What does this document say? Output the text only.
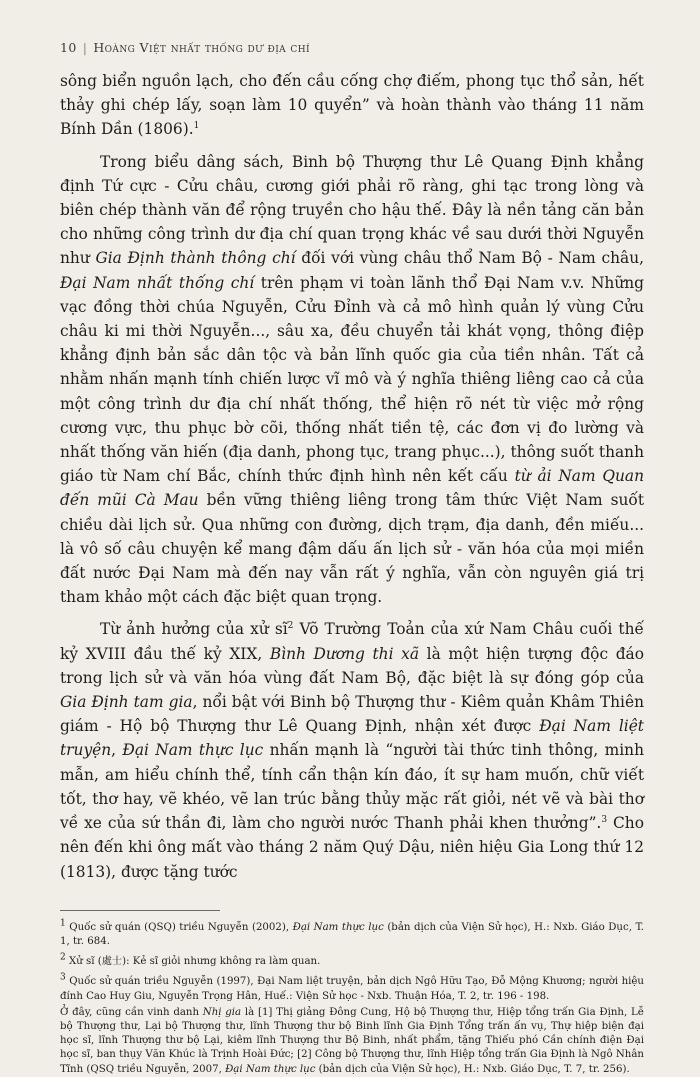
10 | Hoàng Việt nhất thống dư địa chí

sông biển nguồn lạch, cho đến cầu cống chợ điếm, phong tục thổ sản, hết thảy ghi chép lấy, soạn làm 10 quyển” và hoàn thành vào tháng 11 năm Bính Dần (1806).$^1$

Trong biểu dâng sách, Binh bộ Thượng thư Lê Quang Định khẳng định Tứ cực - Cửu châu, cương giới phải rõ ràng, ghi tạc trong lòng và biên chép thành văn để rộng truyền cho hậu thế. Đây là nền tảng căn bản cho những công trình dư địa chí quan trọng khác về sau dưới thời Nguyễn như Gia Định thành thông chí đối với vùng châu thổ Nam Bộ - Nam châu, Đại Nam nhất thống chí trên phạm vi toàn lãnh thổ Đại Nam v.v. Những vạc đồng thời chúa Nguyễn, Cửu Đỉnh và cả mô hình quản lý vùng Cửu châu ki mi thời Nguyễn..., sâu xa, đều chuyển tải khát vọng, thông điệp khẳng định bản sắc dân tộc và bản lĩnh quốc gia của tiền nhân. Tất cả nhằm nhấn mạnh tính chiến lược vĩ mô và ý nghĩa thiêng liêng cao cả của một công trình dư địa chí nhất thống, thể hiện rõ nét từ việc mở rộng cương vực, thu phục bờ cõi, thống nhất tiền tệ, các đơn vị đo lường và nhất thống văn hiến (địa danh, phong tục, trang phục...), thông suốt thanh giáo từ Nam chí Bắc, chính thức định hình nên kết cấu từ ải Nam Quan đến mũi Cà Mau bền vững thiêng liêng trong tâm thức Việt Nam suốt chiều dài lịch sử. Qua những con đường, dịch trạm, địa danh, đền miếu... là vô số câu chuyện kể mang đậm dấu ấn lịch sử - văn hóa của mọi miền đất nước Đại Nam mà đến nay vẫn rất ý nghĩa, vẫn còn nguyên giá trị tham khảo một cách đặc biệt quan trọng.

Từ ảnh hưởng của xử $sĩ^2$ Võ Trường Toản của xứ Nam Châu cuối thế kỷ XVIII đầu thế kỷ XIX, Bình Dương thi xã là một hiện tượng độc đáo trong lịch sử và văn hóa vùng đất Nam Bộ, đặc biệt là sự đóng góp của Gia Định tam gia, nổi bật với Binh bộ Thượng thư - Kiêm quản Khâm Thiên giám - Hộ bộ Thượng thư Lê Quang Định, nhận xét được Đại Nam liệt truyện, Đại Nam thực lục nhấn mạnh là “người tài thức tinh thông, minh mẫn, am hiểu chính thể, tính cẩn thận kín đáo, ít sự ham muốn, chữ viết tốt, thơ hay, vẽ khéo, vẽ lan trúc bằng thủy mặc rất giỏi, nét vẽ và bài thơ về xe của sứ thần đi, làm cho người nước Thanh phải khen thưởng”.$^3$ Cho nên đến khi ông mất vào tháng 2 năm Quý Dậu, niên hiệu Gia Long thứ 12 (1813), được tặng tước

$^1$ Quốc sử quán (QSQ) triều Nguyễn (2002), Đại Nam thực lục (bản dịch của Viện Sử học), H.: Nxb. Giáo Dục, T. 1, tr. 684.

$^2$ Xử sĩ (處士): Kẻ sĩ giỏi nhưng không ra làm quan.

$^3$ Quốc sử quán triều Nguyễn (1997), Đại Nam liệt truyện, bản dịch Ngô Hữu Tạo, Đỗ Mộng Khương; người hiệu đính Cao Huy Giu, Nguyễn Trọng Hân, Huế.: Viện Sử học - Nxb. Thuận Hóa, T. 2, tr. 196 - 198.

Ở đây, cũng cần vinh danh Nhị gia là [1] Thị giảng Đông Cung, Hộ bộ Thượng thư, Hiệp tổng trấn Gia Định, Lễ bộ Thượng thư, Lại bộ Thượng thư, lĩnh Thượng thư bộ Binh lĩnh Gia Định Tổng trấn ấn vụ, Thự hiệp biện đại học sĩ, lĩnh Thượng thư bộ Lại, kiêm lĩnh Thượng thư Bộ Binh, nhất phẩm, tặng Thiếu phó Cần chính điện Đại học sĩ, ban thụy Văn Khúc là Trịnh Hoài Đức; [2] Công bộ Thượng thư, lĩnh Hiệp tổng trấn Gia Định là Ngô Nhân Tĩnh (QSQ triều Nguyễn, 2007, Đại Nam thực lục (bản dịch của Viện Sử học), H.: Nxb. Giáo Dục, T. 7, tr. 256).
